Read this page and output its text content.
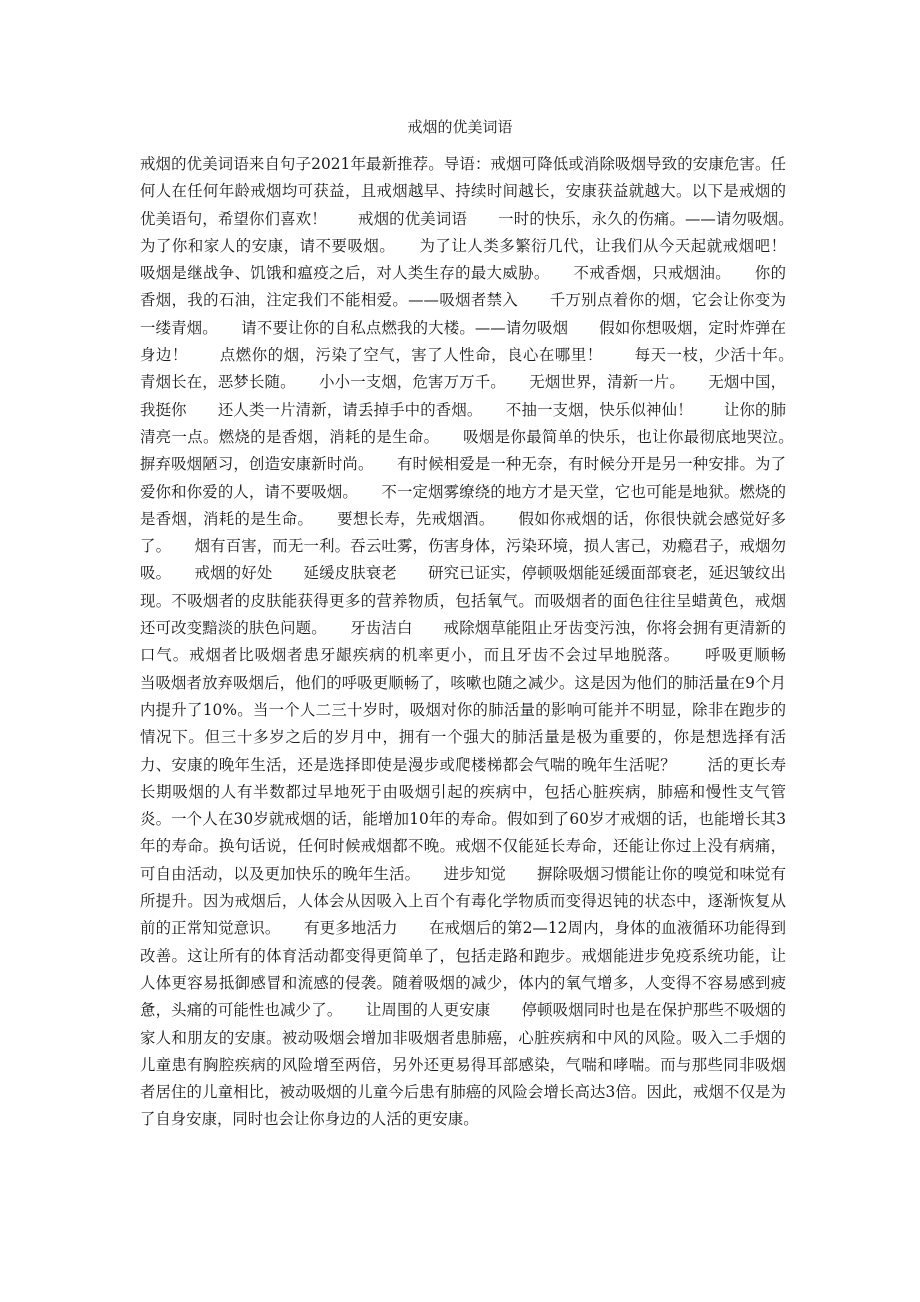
戒烟的优美词语

戒烟的优美词语来自句子2021年最新推荐。导语：戒烟可降低或消除吸烟导致的安康危害。任何人在任何年龄戒烟均可获益，且戒烟越早、持续时间越长，安康获益就越大。以下是戒烟的优美语句，希望你们喜欢！　　戒烟的优美词语　　一时的快乐，永久的伤痛。——请勿吸烟。　　为了你和家人的安康，请不要吸烟。　　为了让人类多繁衍几代，让我们从今天起就戒烟吧！　　吸烟是继战争、饥饿和瘟疫之后，对人类生存的最大威胁。　　不戒香烟，只戒烟油。　　你的香烟，我的石油，注定我们不能相爱。——吸烟者禁入　　千万别点着你的烟，它会让你变为一缕青烟。　　请不要让你的自私点燃我的大楼。——请勿吸烟　　假如你想吸烟，定时炸弹在身边！　　点燃你的烟，污染了空气，害了人性命，良心在哪里！　　每天一枝，少活十年。　　青烟长在，恶梦长随。　　小小一支烟，危害万万千。　　无烟世界，清新一片。　　无烟中国，我挺你　　还人类一片清新，请丢掉手中的香烟。　　不抽一支烟，快乐似神仙！　　让你的肺清亮一点。燃烧的是香烟，消耗的是生命。　　吸烟是你最简单的快乐，也让你最彻底地哭泣。　　摒弃吸烟陋习，创造安康新时尚。　　有时候相爱是一种无奈，有时候分开是另一种安排。为了爱你和你爱的人，请不要吸烟。　　不一定烟雾缭绕的地方才是天堂，它也可能是地狱。燃烧的是香烟，消耗的是生命。　　要想长寿，先戒烟酒。　　假如你戒烟的话，你很快就会感觉好多了。　　烟有百害，而无一利。吞云吐雾，伤害身体，污染环境，损人害己，劝瘾君子，戒烟勿吸。　　戒烟的好处　　延缓皮肤衰老　　研究已证实，停顿吸烟能延缓面部衰老，延迟皱纹出现。不吸烟者的皮肤能获得更多的营养物质，包括氧气。而吸烟者的面色往往呈蜡黄色，戒烟还可改变黯淡的肤色问题。　　牙齿洁白　　戒除烟草能阻止牙齿变污浊，你将会拥有更清新的口气。戒烟者比吸烟者患牙龈疾病的机率更小，而且牙齿不会过早地脱落。　　呼吸更顺畅　　当吸烟者放弃吸烟后，他们的呼吸更顺畅了，咳嗽也随之减少。这是因为他们的肺活量在9个月内提升了10%。当一个人二三十岁时，吸烟对你的肺活量的影响可能并不明显，除非在跑步的情况下。但三十多岁之后的岁月中，拥有一个强大的肺活量是极为重要的，你是想选择有活力、安康的晚年生活，还是选择即使是漫步或爬楼梯都会气喘的晚年生活呢？　　活的更长寿　　长期吸烟的人有半数都过早地死于由吸烟引起的疾病中，包括心脏疾病，肺癌和慢性支气管炎。一个人在30岁就戒烟的话，能增加10年的寿命。假如到了60岁才戒烟的话，也能增长其3年的寿命。换句话说，任何时候戒烟都不晚。戒烟不仅能延长寿命，还能让你过上没有病痛，可自由活动，以及更加快乐的晚年生活。　　进步知觉　　摒除吸烟习惯能让你的嗅觉和味觉有所提升。因为戒烟后，人体会从因吸入上百个有毒化学物质而变得迟钝的状态中，逐渐恢复从前的正常知觉意识。　　有更多地活力　　在戒烟后的第2—12周内，身体的血液循环功能得到改善。这让所有的体育活动都变得更简单了，包括走路和跑步。戒烟能进步免疫系统功能，让人体更容易抵御感冒和流感的侵袭。随着吸烟的减少，体内的氧气增多，人变得不容易感到疲惫，头痛的可能性也减少了。　　让周围的人更安康　　停顿吸烟同时也是在保护那些不吸烟的家人和朋友的安康。被动吸烟会增加非吸烟者患肺癌，心脏疾病和中风的风险。吸入二手烟的儿童患有胸腔疾病的风险增至两倍，另外还更易得耳部感染，气喘和哮喘。而与那些同非吸烟者居住的儿童相比，被动吸烟的儿童今后患有肺癌的风险会增长高达3倍。因此，戒烟不仅是为了自身安康，同时也会让你身边的人活的更安康。
